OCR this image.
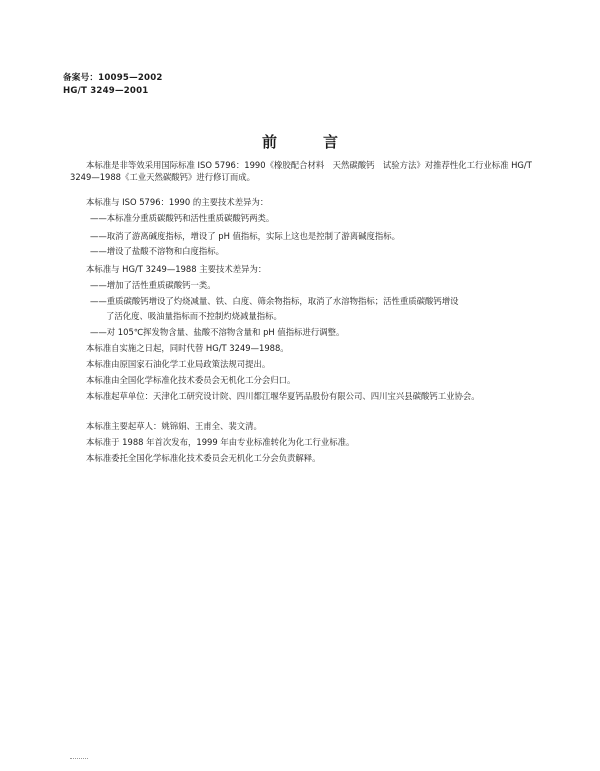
备案号：10095—2002
HG/T 3249—2001
前言
本标准是非等效采用国际标准 ISO 5796：1990《橡胶配合材料　天然碳酸钙　试验方法》对推荐性化工行业标准 HG/T 3249—1988《工业天然碳酸钙》进行修订而成。
本标准与 ISO 5796：1990 的主要技术差异为：
——本标准分重质碳酸钙和活性重质碳酸钙两类。
——取消了游离碱度指标，增设了 pH 值指标，实际上这也是控制了游离碱度指标。
——增设了盐酸不溶物和白度指标。
本标准与 HG/T 3249—1988 主要技术差异为：
——增加了活性重质碳酸钙一类。
——重质碳酸钙增设了灼烧减量、铁、白度、筛余物指标，取消了水溶物指标；活性重质碳酸钙增设
了活化度、吸油量指标而不控制灼烧减量指标。
——对 105℃挥发物含量、盐酸不溶物含量和 pH 值指标进行调整。
本标准自实施之日起，同时代替 HG/T 3249—1988。
本标准由原国家石油化学工业局政策法规司提出。
本标准由全国化学标准化技术委员会无机化工分会归口。
本标准起草单位：天津化工研究设计院、四川都江堰华夏钙品股份有限公司、四川宝兴县碳酸钙工业协会。
本标准主要起草人：姚锦娟、王甫全、裴文清。
本标准于 1988 年首次发布，1999 年由专业标准转化为化工行业标准。
本标准委托全国化学标准化技术委员会无机化工分会负责解释。
